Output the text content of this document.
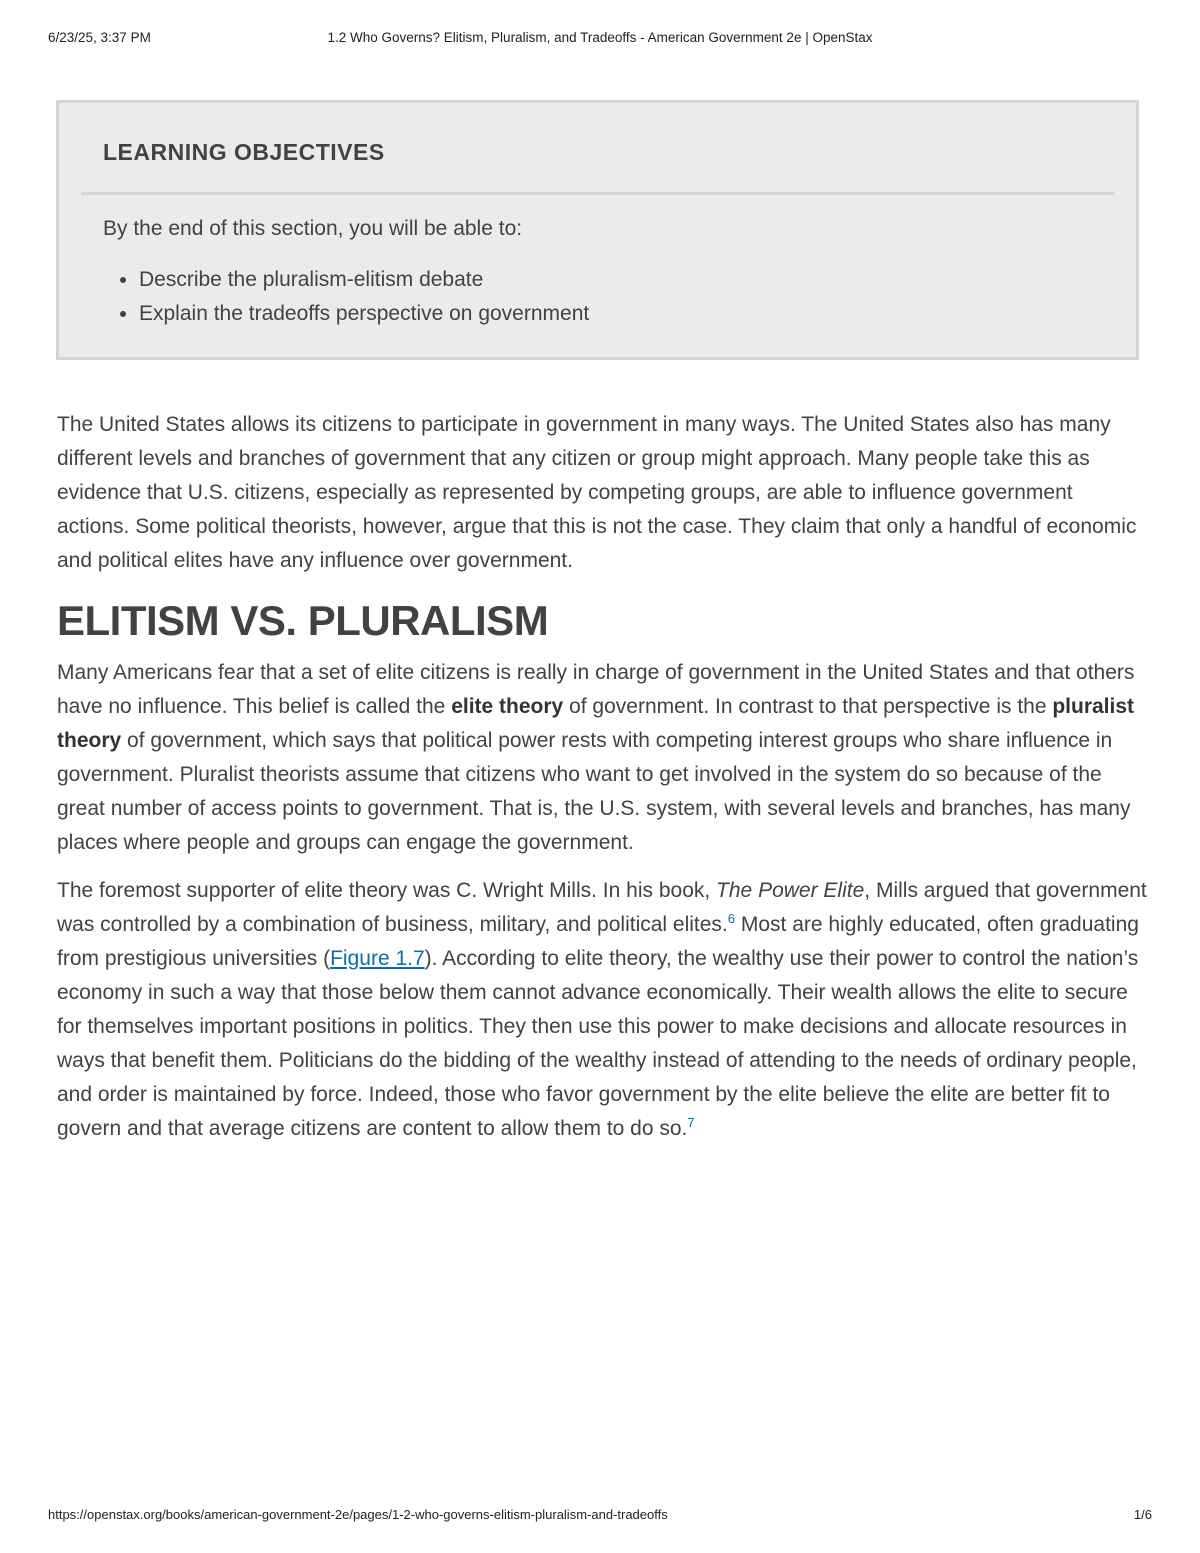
6/23/25, 3:37 PM	1.2 Who Governs? Elitism, Pluralism, and Tradeoffs - American Government 2e | OpenStax
LEARNING OBJECTIVES
By the end of this section, you will be able to:
• Describe the pluralism-elitism debate
• Explain the tradeoffs perspective on government

The United States allows its citizens to participate in government in many ways. The United States also has many different levels and branches of government that any citizen or group might approach. Many people take this as evidence that U.S. citizens, especially as represented by competing groups, are able to influence government actions. Some political theorists, however, argue that this is not the case. They claim that only a handful of economic and political elites have any influence over government.

ELITISM VS. PLURALISM

Many Americans fear that a set of elite citizens is really in charge of government in the United States and that others have no influence. This belief is called the elite theory of government. In contrast to that perspective is the pluralist theory of government, which says that political power rests with competing interest groups who share influence in government. Pluralist theorists assume that citizens who want to get involved in the system do so because of the great number of access points to government. That is, the U.S. system, with several levels and branches, has many places where people and groups can engage the government.

The foremost supporter of elite theory was C. Wright Mills. In his book, The Power Elite, Mills argued that government was controlled by a combination of business, military, and political elites.$^6$ Most are highly educated, often graduating from prestigious universities (Figure 1.7). According to elite theory, the wealthy use their power to control the nation’s economy in such a way that those below them cannot advance economically. Their wealth allows the elite to secure for themselves important positions in politics. They then use this power to make decisions and allocate resources in ways that benefit them. Politicians do the bidding of the wealthy instead of attending to the needs of ordinary people, and order is maintained by force. Indeed, those who favor government by the elite believe the elite are better fit to govern and that average citizens are content to allow them to do so.$^7$

https://openstax.org/books/american-government-2e/pages/1-2-who-governs-elitism-pluralism-and-tradeoffs	1/6
